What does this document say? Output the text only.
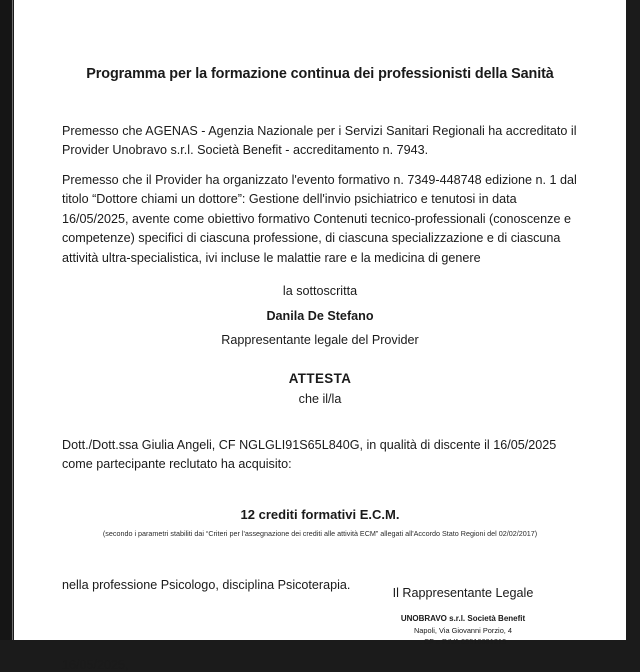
Programma per la formazione continua dei professionisti della Sanità
Premesso che AGENAS - Agenzia Nazionale per i Servizi Sanitari Regionali ha accreditato il Provider Unobravo s.r.l. Società Benefit - accreditamento n. 7943.
Premesso che il Provider ha organizzato l'evento formativo n. 7349-448748 edizione n. 1 dal titolo “Dottore chiami un dottore”: Gestione dell'invio psichiatrico e tenutosi in data 16/05/2025, avente come obiettivo formativo Contenuti tecnico-professionali (conoscenze e competenze) specifici di ciascuna professione, di ciascuna specializzazione e di ciascuna attività ultra-specialistica, ivi incluse le malattie rare e la medicina di genere
la sottoscritta
Danila De Stefano
Rappresentante legale del Provider
ATTESTA
che il/la
Dott./Dott.ssa Giulia Angeli, CF NGLGLI91S65L840G, in qualità di discente il 16/05/2025 come partecipante reclutato ha acquisito:
12 crediti formativi E.C.M.
(secondo i parametri stabiliti dai “Criteri per l'assegnazione dei crediti alle attività ECM” allegati all'Accordo Stato Regioni del 02/02/2017)
nella professione Psicologo, disciplina Psicoterapia.
16/05/2025,
Il Rappresentante Legale
UNOBRAVO s.r.l. Società Benefit
Napoli, Via Giovanni Porzio, 4
. CF e P.IVA 09516691219
